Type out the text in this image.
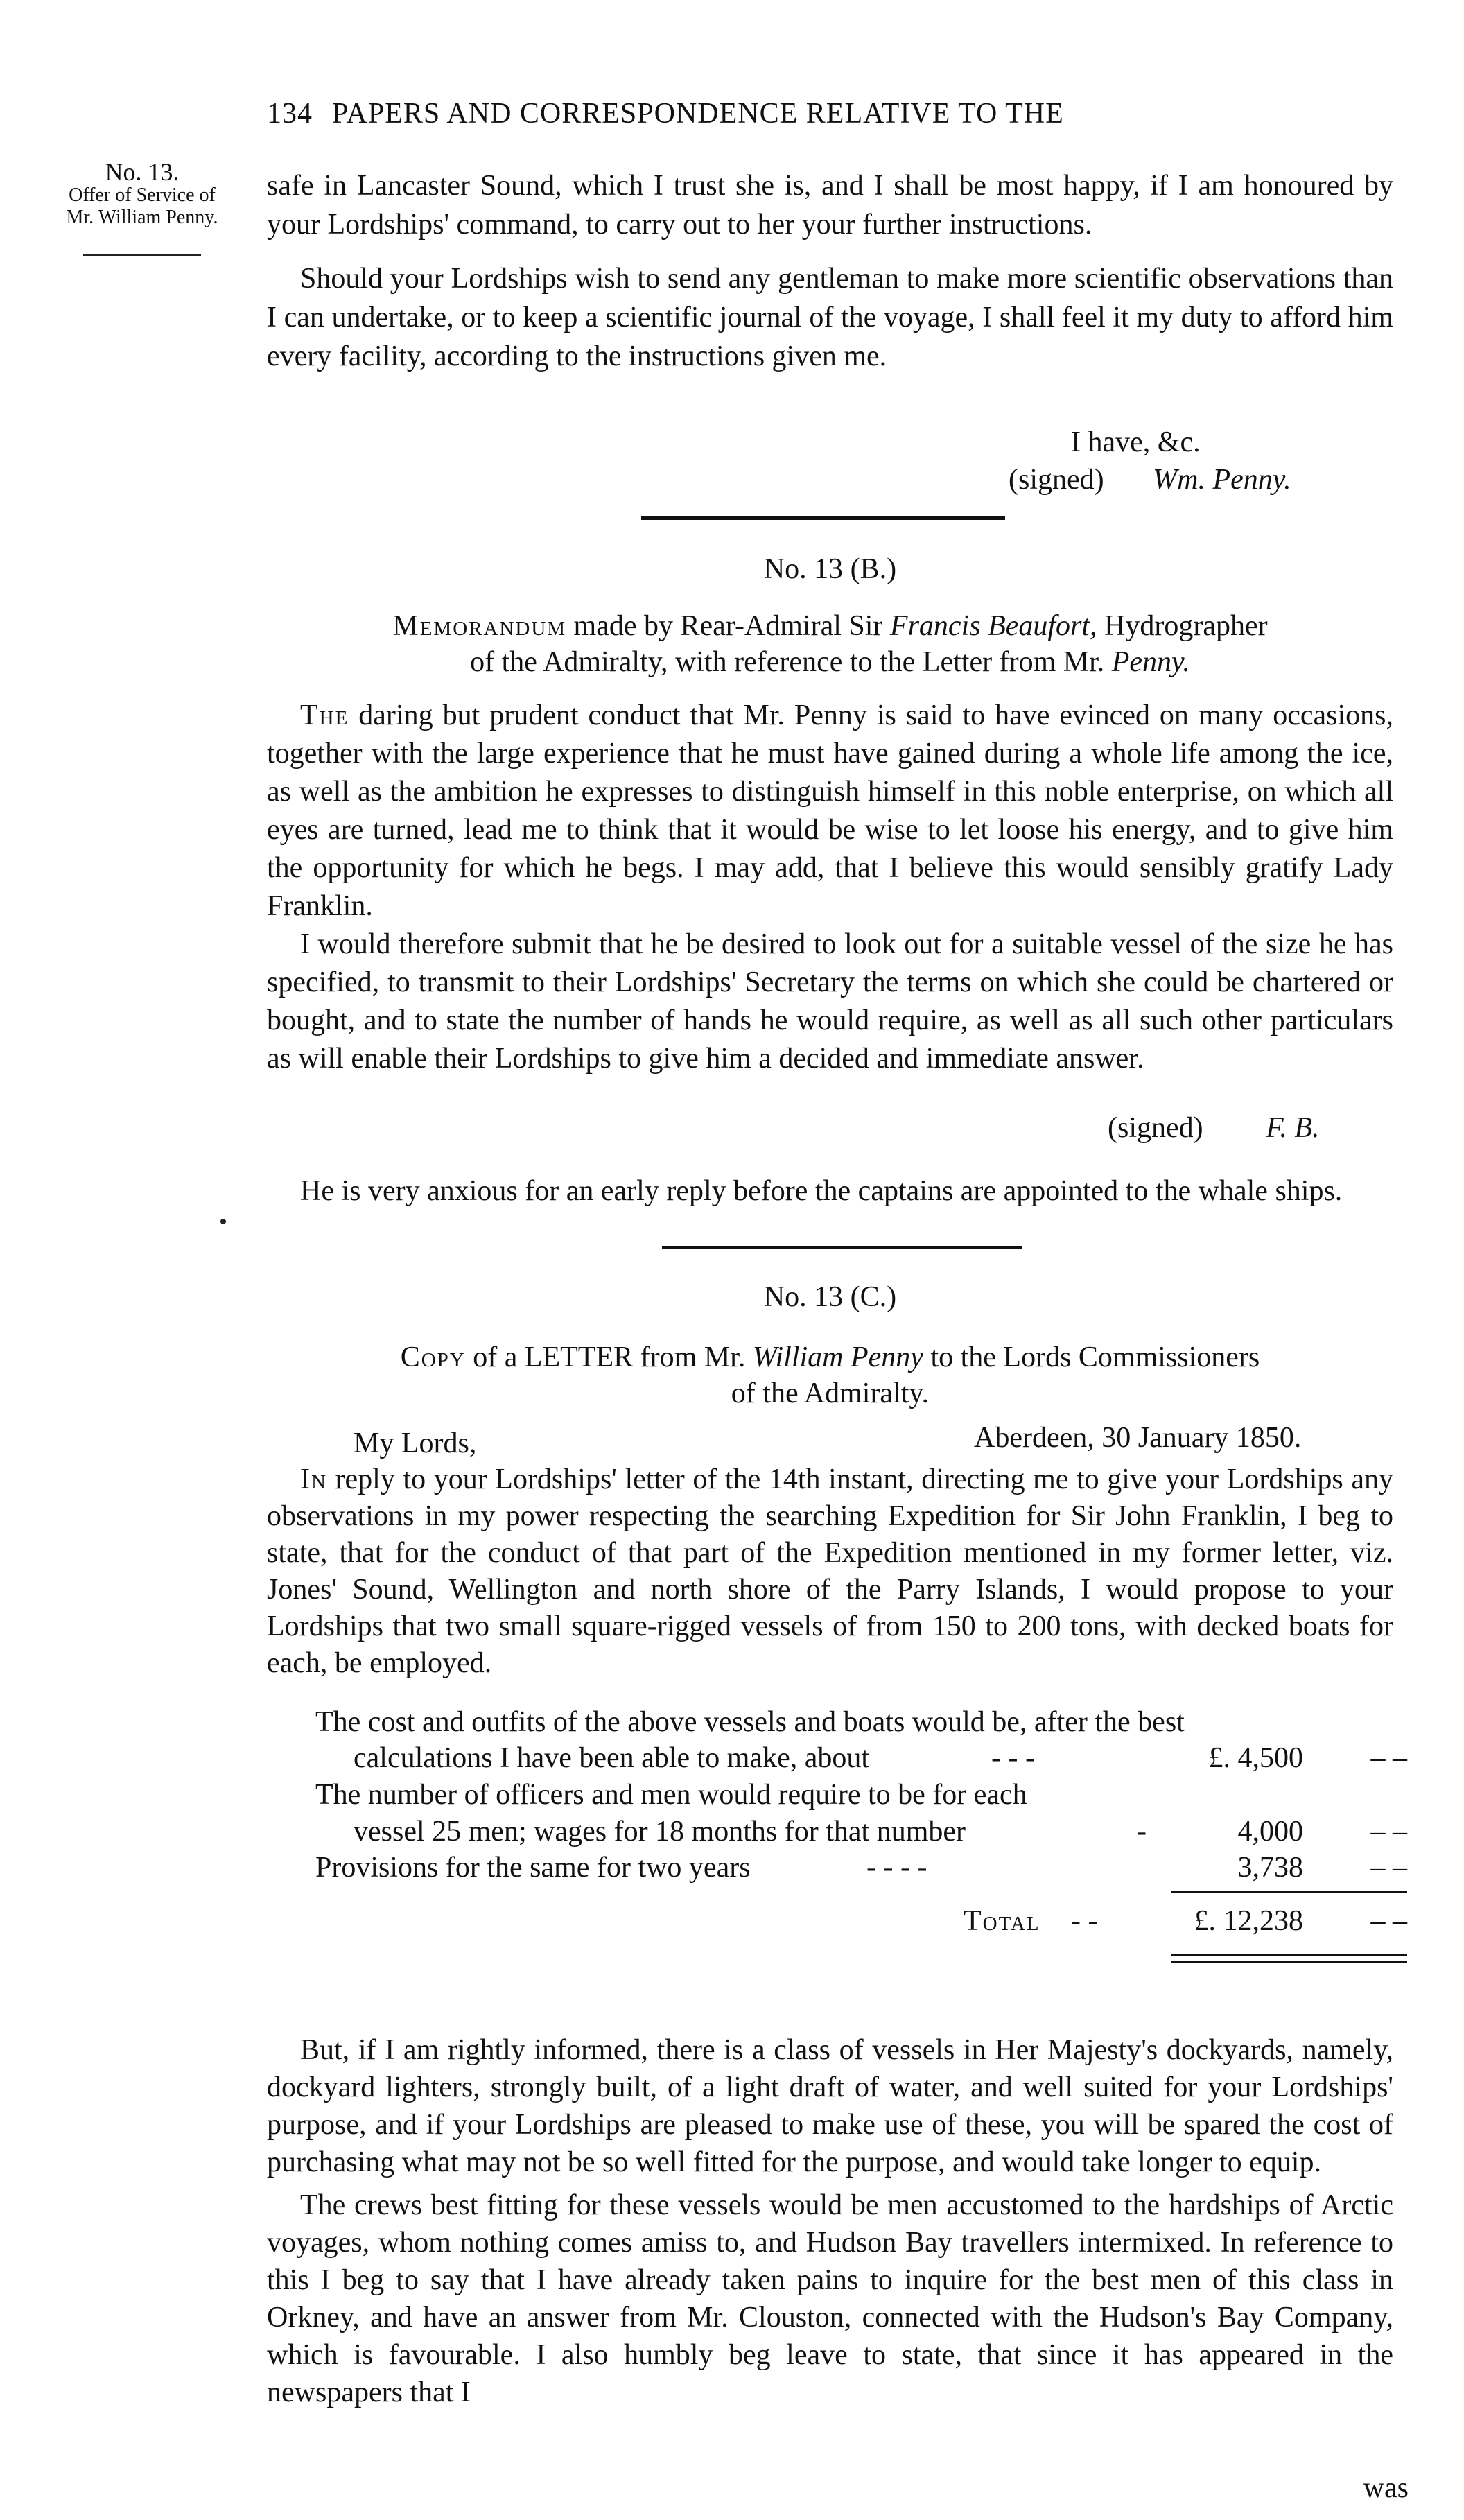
134 PAPERS AND CORRESPONDENCE RELATIVE TO THE
No. 13.
Offer of Service of
Mr. William Penny.

safe in Lancaster Sound, which I trust she is, and I shall be most happy, if I am honoured by your Lordships' command, to carry out to her your further instructions.

Should your Lordships wish to send any gentleman to make more scientific observations than I can undertake, or to keep a scientific journal of the voyage, I shall feel it my duty to afford him every facility, according to the instructions given me.

I have, &c.
(signed) Wm. Penny.
No. 13 (B.)
Memorandum made by Rear-Admiral Sir Francis Beaufort, Hydrographer
of the Admiralty, with reference to the Letter from Mr. Penny.

The daring but prudent conduct that Mr. Penny is said to have evinced on many occasions, together with the large experience that he must have gained during a whole life among the ice, as well as the ambition he expresses to distinguish himself in this noble enterprise, on which all eyes are turned, lead me to think that it would be wise to let loose his energy, and to give him the opportunity for which he begs. I may add, that I believe this would sensibly gratify Lady Franklin.

I would therefore submit that he be desired to look out for a suitable vessel of the size he has specified, to transmit to their Lordships' Secretary the terms on which she could be chartered or bought, and to state the number of hands he would require, as well as all such other particulars as will enable their Lordships to give him a decided and immediate answer.

(signed) F. B.

He is very anxious for an early reply before the captains are appointed to the whale ships.

No. 13 (C.)
Copy of a LETTER from Mr. William Penny to the Lords Commissioners
of the Admiralty.
My Lords,	Aberdeen, 30 January 1850.

In reply to your Lordships' letter of the 14th instant, directing me to give your Lordships any observations in my power respecting the searching Expedition for Sir John Franklin, I beg to state, that for the conduct of that part of the Expedition mentioned in my former letter, viz. Jones' Sound, Wellington and north shore of the Parry Islands, I would propose to your Lordships that two small square-rigged vessels of from 150 to 200 tons, with decked boats for each, be employed.

The cost and outfits of the above vessels and boats would be, after the best
calculations I have been able to make, about	- - -	£. 4,500 – –
The number of officers and men would require to be for each
vessel 25 men; wages for 18 months for that number	-	4,000 – –
Provisions for the same for two years	- - - -	3,738 – –
Total - -	£. 12,238 – –

But, if I am rightly informed, there is a class of vessels in Her Majesty's dockyards, namely, dockyard lighters, strongly built, of a light draft of water, and well suited for your Lordships' purpose, and if your Lordships are pleased to make use of these, you will be spared the cost of purchasing what may not be so well fitted for the purpose, and would take longer to equip.

The crews best fitting for these vessels would be men accustomed to the hardships of Arctic voyages, whom nothing comes amiss to, and Hudson Bay travellers intermixed. In reference to this I beg to say that I have already taken pains to inquire for the best men of this class in Orkney, and have an answer from Mr. Clouston, connected with the Hudson's Bay Company, which is favourable. I also humbly beg leave to state, that since it has appeared in the newspapers that I

was
